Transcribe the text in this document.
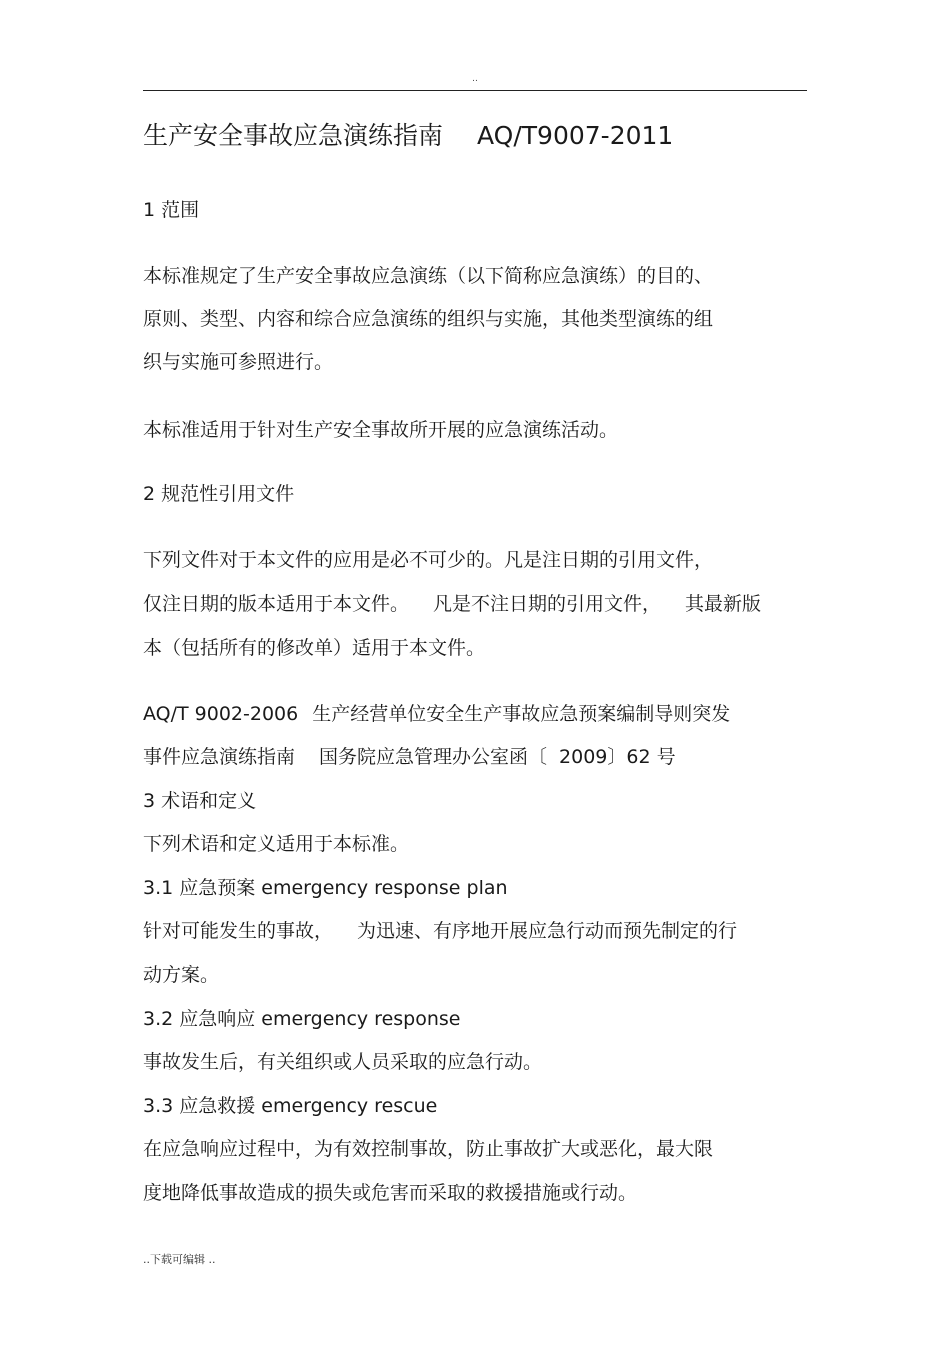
..
生产安全事故应急演练指南 AQ/T9007-2011
1 范围
本标准规定了生产安全事故应急演练（以下简称应急演练）的目的、
原则、类型、内容和综合应急演练的组织与实施，其他类型演练的组
织与实施可参照进行。
本标准适用于针对生产安全事故所开展的应急演练活动。
2 规范性引用文件
下列文件对于本文件的应用是必不可少的。凡是注日期的引用文件，
仅注日期的版本适用于本文件。 凡是不注日期的引用文件， 其最新版
本（包括所有的修改单）适用于本文件。
AQ/T 9002-2006 生产经营单位安全生产事故应急预案编制导则突发
事件应急演练指南 国务院应急管理办公室函〔 2009〕62 号
3 术语和定义
下列术语和定义适用于本标准。
3.1 应急预案 emergency response plan
针对可能发生的事故， 为迅速、有序地开展应急行动而预先制定的行
动方案。
3.2 应急响应 emergency response
事故发生后，有关组织或人员采取的应急行动。
3.3 应急救援 emergency rescue
在应急响应过程中，为有效控制事故，防止事故扩大或恶化，最大限
度地降低事故造成的损失或危害而采取的救援措施或行动。
..下载可编辑 ..
